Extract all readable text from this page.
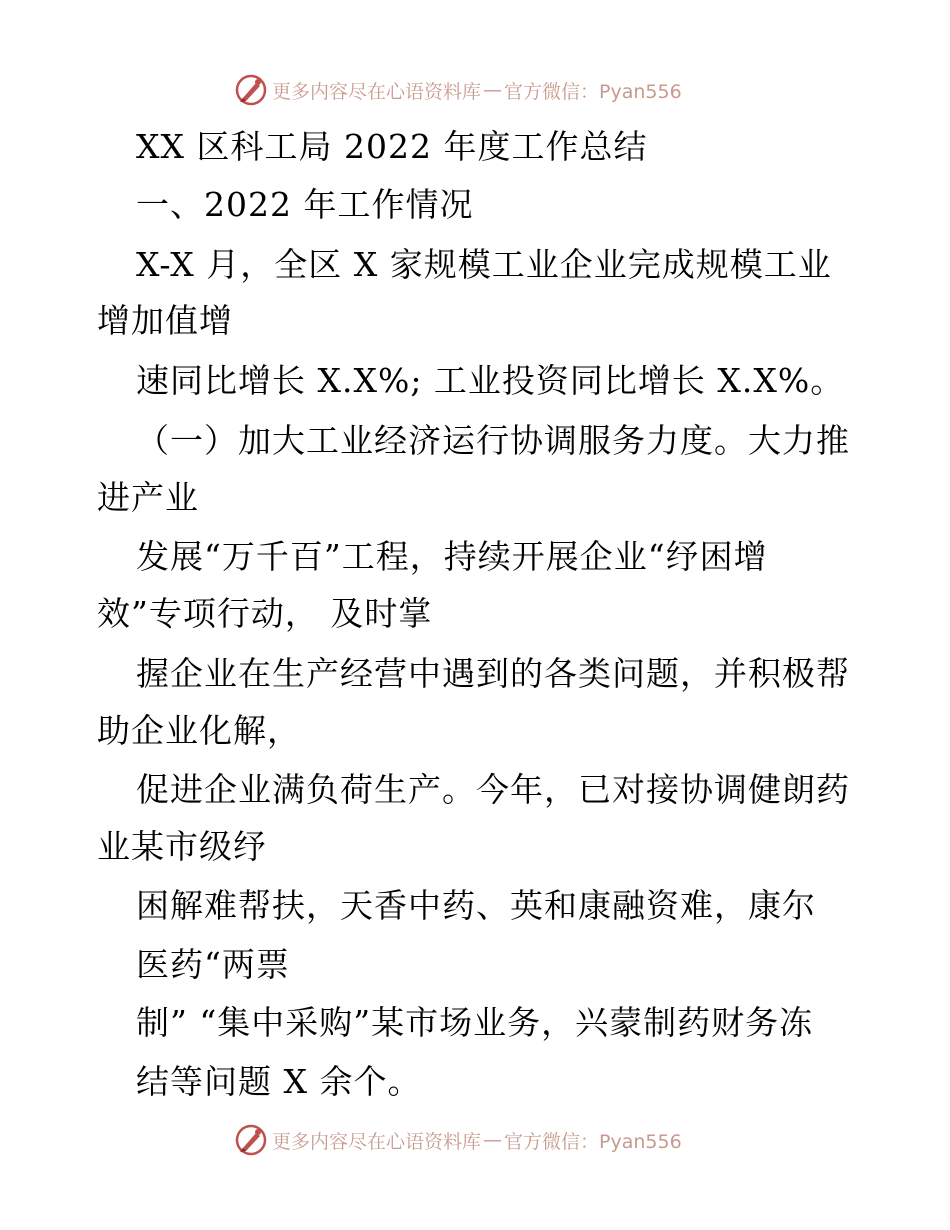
更多内容尽在心语资料库 — 官方微信：Pyan556
XX 区科工局 2022 年度工作总结
一、2022 年工作情况
X-X 月，全区 X 家规模工业企业完成规模工业
增加值增
速同比增长 X.X%; 工业投资同比增长 X.X%。
（一）加大工业经济运行协调服务力度。大力推
进产业
发展“万千百”工程，持续开展企业“纾困增
效”专项行动， 及时掌
握企业在生产经营中遇到的各类问题，并积极帮
助企业化解，
促进企业满负荷生产。今年，已对接协调健朗药
业某市级纾
困解难帮扶，天香中药、英和康融资难，康尔
医药“两票
制” “集中采购”某市场业务，兴蒙制药财务冻
结等问题 X 余个。
更多内容尽在心语资料库 — 官方微信：Pyan556
